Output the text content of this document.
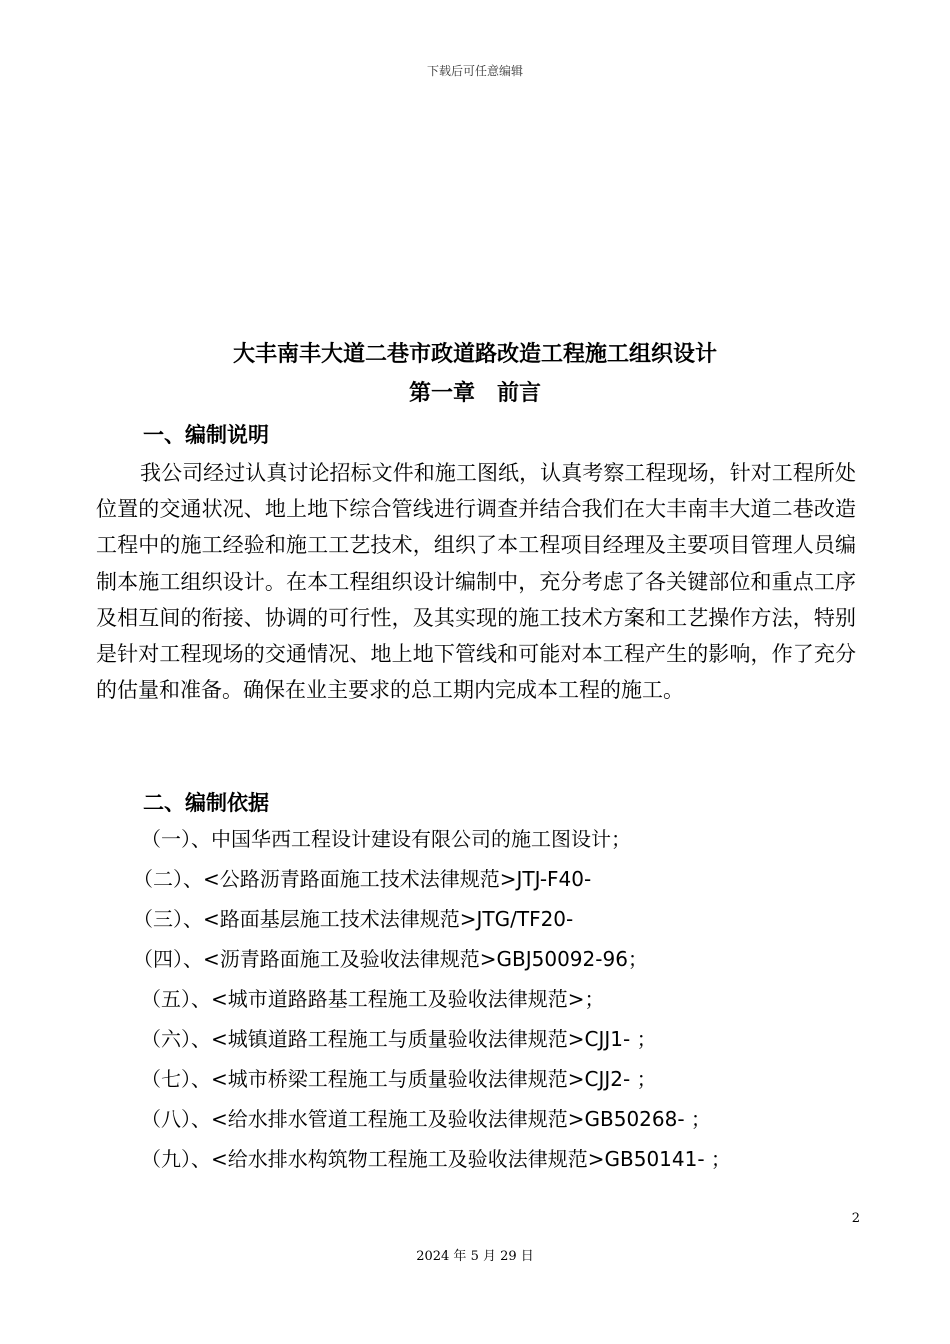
下载后可任意编辑
大丰南丰大道二巷市政道路改造工程施工组织设计
第一章　前言
一、编制说明
我公司经过认真讨论招标文件和施工图纸，认真考察工程现场，针对工程所处位置的交通状况、地上地下综合管线进行调查并结合我们在大丰南丰大道二巷改造工程中的施工经验和施工工艺技术，组织了本工程项目经理及主要项目管理人员编制本施工组织设计。在本工程组织设计编制中，充分考虑了各关键部位和重点工序及相互间的衔接、协调的可行性，及其实现的施工技术方案和工艺操作方法，特别是针对工程现场的交通情况、地上地下管线和可能对本工程产生的影响，作了充分的估量和准备。确保在业主要求的总工期内完成本工程的施工。
二、编制依据
（一）、中国华西工程设计建设有限公司的施工图设计；
（二）、<公路沥青路面施工技术法律规范>JTJ-F40-
（三）、<路面基层施工技术法律规范>JTG/TF20-
（四）、<沥青路面施工及验收法律规范>GBJ50092-96；
（五）、<城市道路路基工程施工及验收法律规范>；
（六）、<城镇道路工程施工与质量验收法律规范>CJJ1- ；
（七）、<城市桥梁工程施工与质量验收法律规范>CJJ2- ；
（八）、<给水排水管道工程施工及验收法律规范>GB50268- ；
（九）、<给水排水构筑物工程施工及验收法律规范>GB50141- ；
2
2024 年 5 月 29 日
